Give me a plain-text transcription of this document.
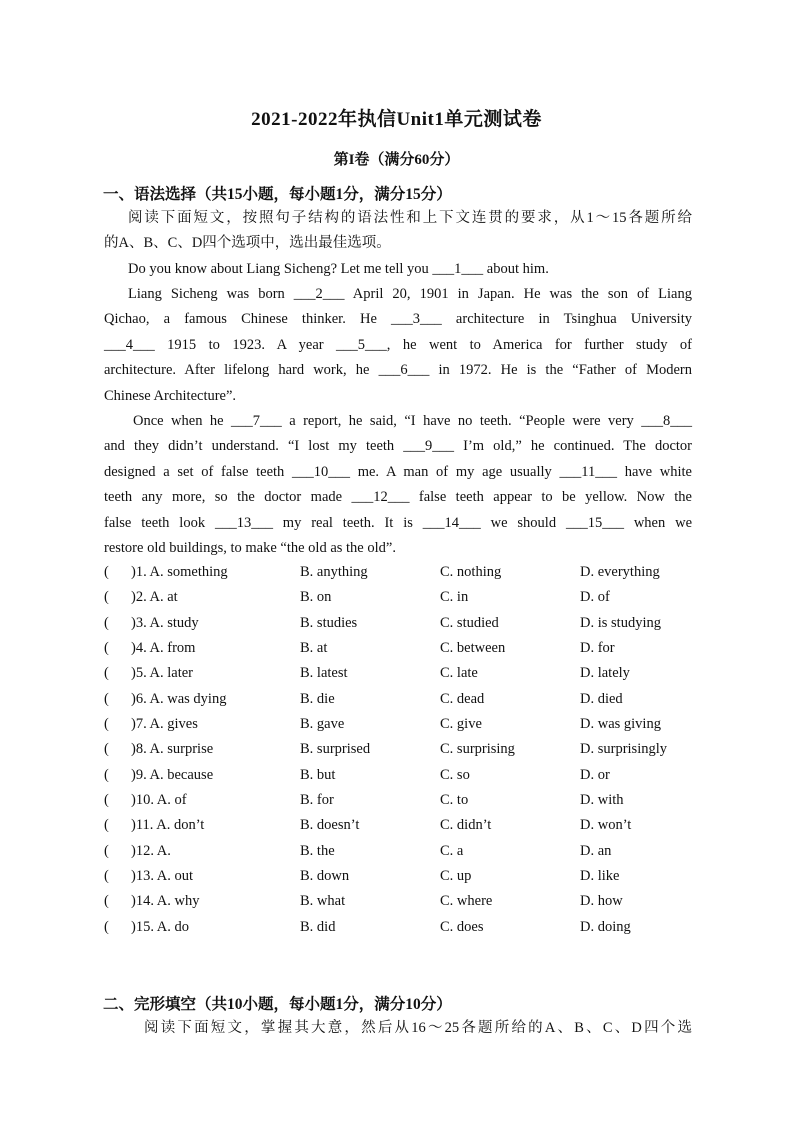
2021-2022年执信Unit1单元测试卷
第I卷（满分60分）
一、语法选择（共15小题，每小题1分，满分15分）
阅读下面短文，按照句子结构的语法性和上下文连贯的要求，从1～15各题所给
的A、B、C、D四个选项中，选出最佳选项。
Do you know about Liang Sicheng? Let me tell you ___1___ about him.
Liang Sicheng was born ___2___ April 20, 1901 in Japan. He was the son of Liang
Qichao, a famous Chinese thinker. He ___3___ architecture in Tsinghua University
___4___ 1915 to 1923. A year ___5___, he went to America for further study of
architecture. After lifelong hard work, he ___6___ in 1972. He is the “Father of Modern
Chinese Architecture”.
Once when he ___7___ a report, he said, “I have no teeth. “People were very ___8___
and they didn’t understand. “I lost my teeth ___9___ I’m old,” he continued. The doctor
designed a set of false teeth ___10___ me. A man of my age usually ___11___ have white
teeth any more, so the doctor made ___12___ false teeth appear to be yellow. Now the
false teeth look ___13___ my real teeth. It is ___14___ we should ___15___ when we
restore old buildings, to make “the old as the old”.
( )1. A. something	B. anything	C. nothing	D. everything
( )2. A. at	B. on	C. in	D. of
( )3. A. study	B. studies	C. studied	D. is studying
( )4. A. from	B. at	C. between	D. for
( )5. A. later	B. latest	C. late	D. lately
( )6. A. was dying	B. die	C. dead	D. died
( )7. A. gives	B. gave	C. give	D. was giving
( )8. A. surprise	B. surprised	C. surprising	D. surprisingly
( )9. A. because	B. but	C. so	D. or
( )10. A. of	B. for	C. to	D. with
( )11. A. don’t	B. doesn’t	C. didn’t	D. won’t
( )12. A.	B. the	C. a	D. an
( )13. A. out	B. down	C. up	D. like
( )14. A. why	B. what	C. where	D. how
( )15. A. do	B. did	C. does	D. doing
二、完形填空（共10小题，每小题1分，满分10分）
阅读下面短文，掌握其大意，然后从16～25各题所给的A、B、C、D四个选
